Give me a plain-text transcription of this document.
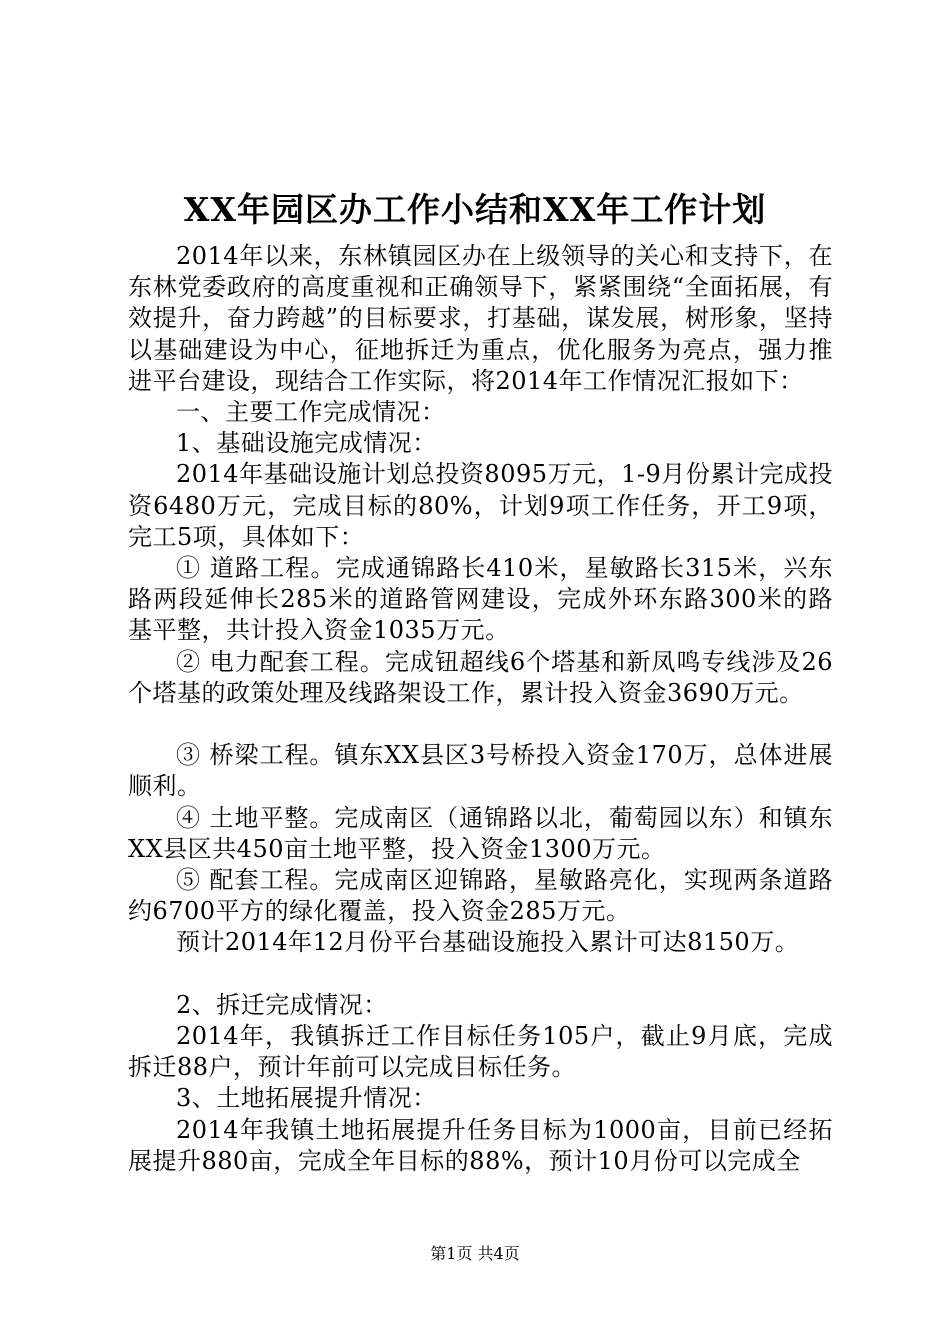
XX年园区办工作小结和XX年工作计划

2014年以来，东林镇园区办在上级领导的关心和支持下，在东林党委政府的高度重视和正确领导下，紧紧围绕“全面拓展，有效提升，奋力跨越”的目标要求，打基础，谋发展，树形象，坚持以基础建设为中心，征地拆迁为重点，优化服务为亮点，强力推进平台建设，现结合工作实际，将2014年工作情况汇报如下：

一、主要工作完成情况：

1、基础设施完成情况：

2014年基础设施计划总投资8095万元，1-9月份累计完成投资6480万元，完成目标的80%，计划9项工作任务，开工9项，完工5项，具体如下：

① 道路工程。完成通锦路长410米，星敏路长315米，兴东路两段延伸长285米的道路管网建设，完成外环东路300米的路基平整，共计投入资金1035万元。

② 电力配套工程。完成钮超线6个塔基和新凤鸣专线涉及26个塔基的政策处理及线路架设工作，累计投入资金3690万元。

③ 桥梁工程。镇东XX县区3号桥投入资金170万，总体进展顺利。

④ 土地平整。完成南区（通锦路以北，葡萄园以东）和镇东XX县区共450亩土地平整，投入资金1300万元。

⑤ 配套工程。完成南区迎锦路，星敏路亮化，实现两条道路约6700平方的绿化覆盖，投入资金285万元。

预计2014年12月份平台基础设施投入累计可达8150万。

2、拆迁完成情况：

2014年，我镇拆迁工作目标任务105户，截止9月底，完成拆迁88户，预计年前可以完成目标任务。

3、土地拓展提升情况：

2014年我镇土地拓展提升任务目标为1000亩，目前已经拓展提升880亩，完成全年目标的88%，预计10月份可以完成全

第1页 共4页
